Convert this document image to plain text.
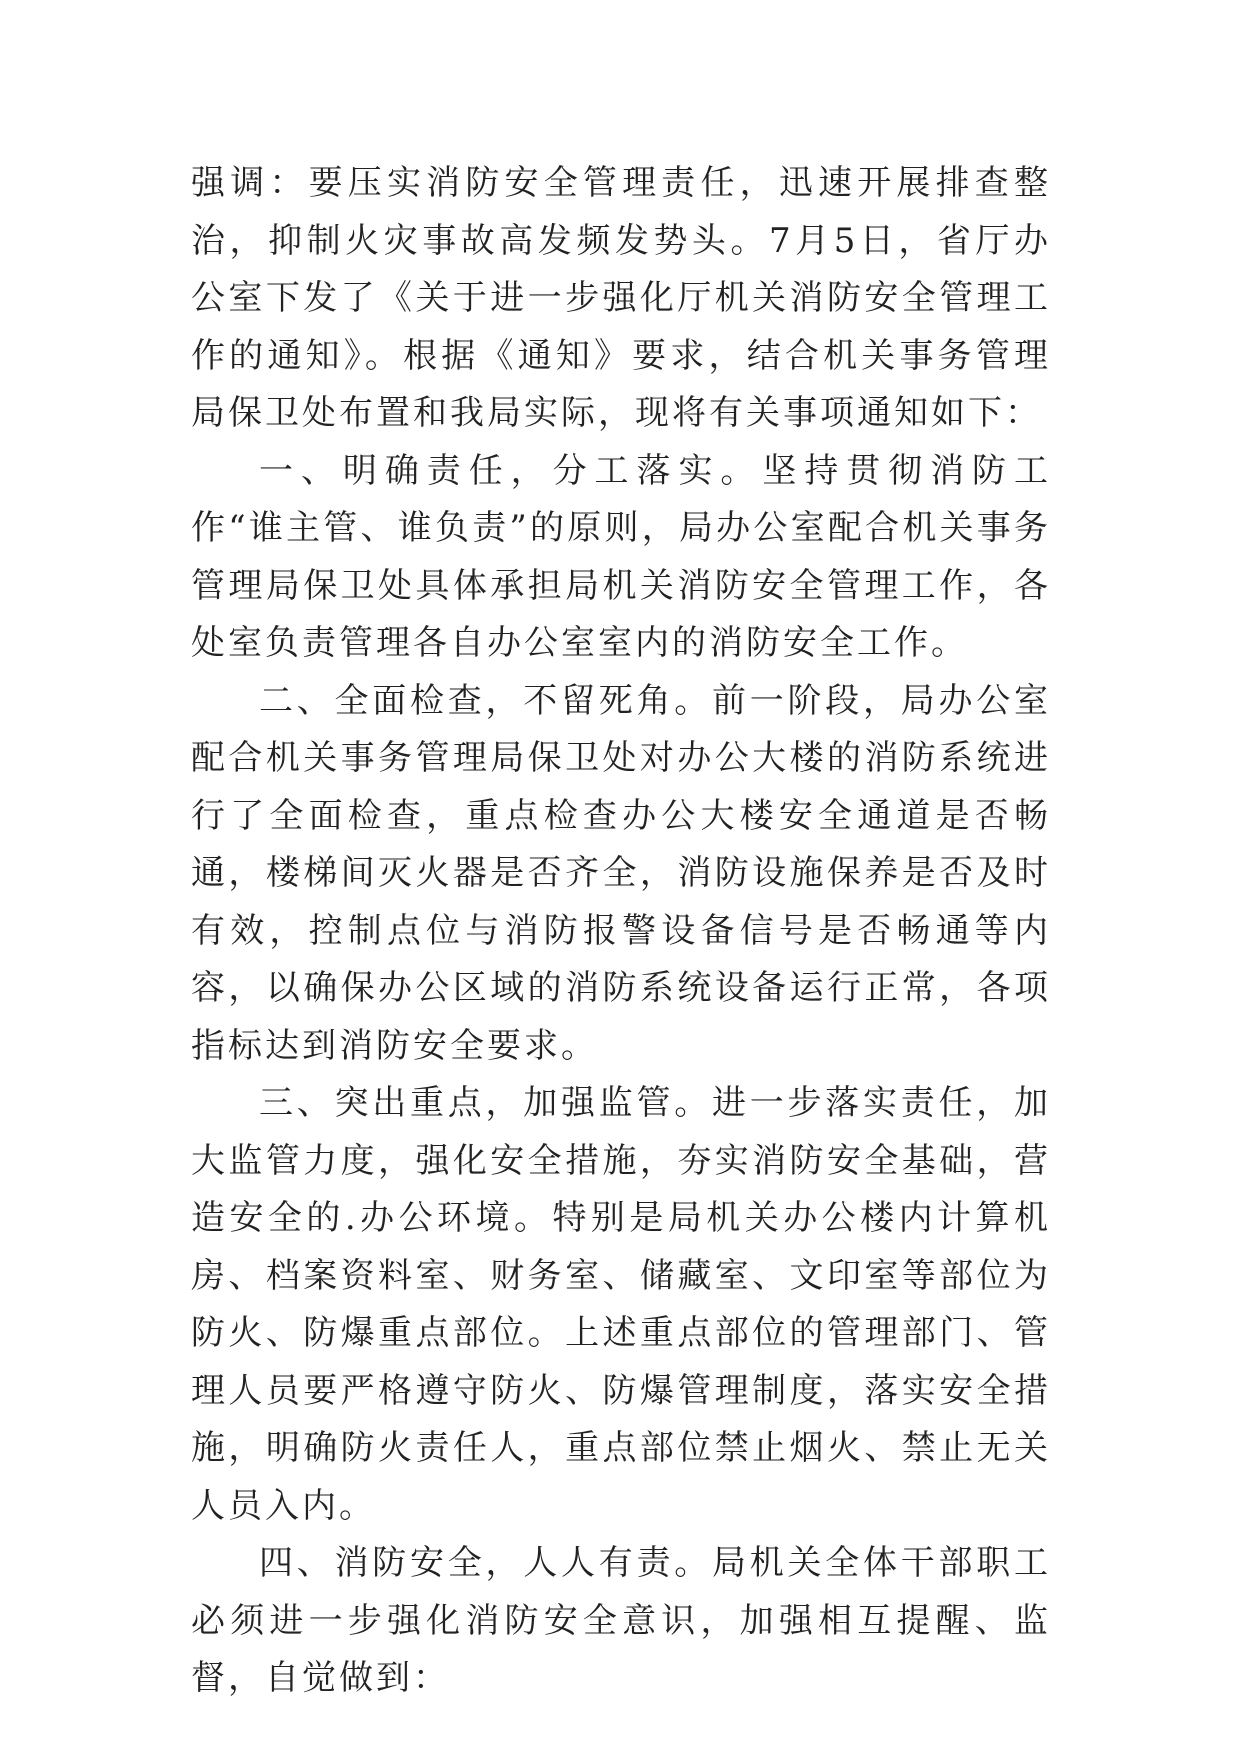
强调：要压实消防安全管理责任，迅速开展排查整治，抑制火灾事故高发频发势头。7月5日，省厅办公室下发了《关于进一步强化厅机关消防安全管理工作的通知》。根据《通知》要求，结合机关事务管理局保卫处布置和我局实际，现将有关事项通知如下：

一、明确责任，分工落实。坚持贯彻消防工作“谁主管、谁负责”的原则，局办公室配合机关事务管理局保卫处具体承担局机关消防安全管理工作，各处室负责管理各自办公室室内的消防安全工作。

二、全面检查，不留死角。前一阶段，局办公室配合机关事务管理局保卫处对办公大楼的消防系统进行了全面检查，重点检查办公大楼安全通道是否畅通，楼梯间灭火器是否齐全，消防设施保养是否及时有效，控制点位与消防报警设备信号是否畅通等内容，以确保办公区域的消防系统设备运行正常，各项指标达到消防安全要求。

三、突出重点，加强监管。进一步落实责任，加大监管力度，强化安全措施，夯实消防安全基础，营造安全的.办公环境。特别是局机关办公楼内计算机房、档案资料室、财务室、储藏室、文印室等部位为防火、防爆重点部位。上述重点部位的管理部门、管理人员要严格遵守防火、防爆管理制度，落实安全措施，明确防火责任人，重点部位禁止烟火、禁止无关人员入内。

四、消防安全，人人有责。局机关全体干部职工必须进一步强化消防安全意识，加强相互提醒、监督，自觉做到：
